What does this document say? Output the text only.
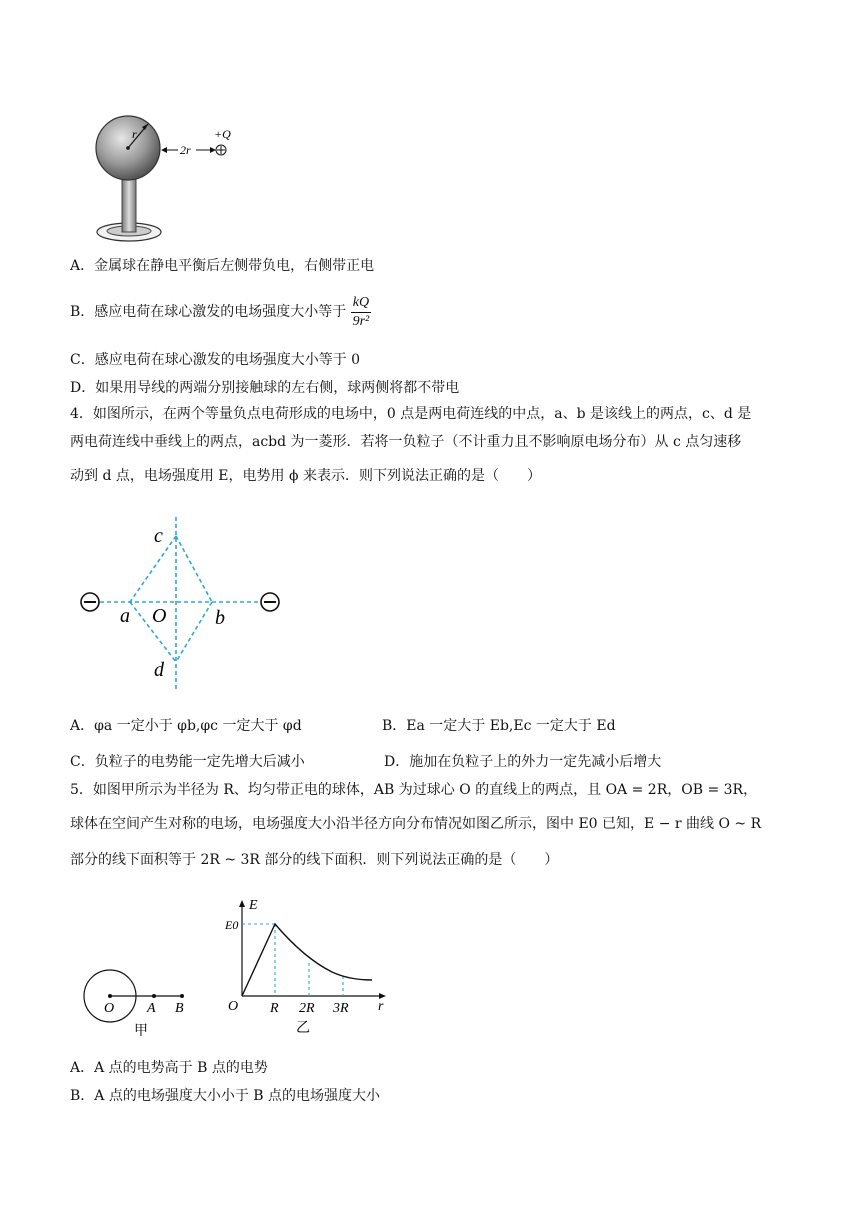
r
2r
+Q
A．金属球在静电平衡后左侧带负电，右侧带正电
B．感应电荷在球心激发的电场强度大小等于 $\frac{kQ}{\text{9r²}}$
C．感应电荷在球心激发的电场强度大小等于 0
D．如果用导线的两端分别接触球的左右侧，球两侧将都不带电
4．如图所示，在两个等量负点电荷形成的电场中，0 点是两电荷连线的中点，a、b 是该线上的两点，c、d 是
两电荷连线中垂线上的两点，acbd 为一菱形．若将一负粒子（不计重力且不影响原电场分布）从 c 点匀速移
动到 d 点，电场强度用 E，电势用 ϕ 来表示．则下列说法正确的是（　　）
c
a O b
d
A．φa 一定小于 φb,φc 一定大于 φd	B．Ea 一定大于 Eb,Ec 一定大于 Ed
C．负粒子的电势能一定先增大后减小	D．施加在负粒子上的外力一定先减小后增大
5．如图甲所示为半径为 R、均匀带正电的球体，AB 为过球心 O 的直线上的两点，且 OA = 2R，OB = 3R，
球体在空间产生对称的电场，电场强度大小沿半径方向分布情况如图乙所示，图中 E0 已知，E − r 曲线 O ~ R
部分的线下面积等于 2R ~ 3R 部分的线下面积．则下列说法正确的是（　　）
O A B
甲
E
E0
O R 2R 3R r
乙
A．A 点的电势高于 B 点的电势
B．A 点的电场强度大小小于 B 点的电场强度大小
